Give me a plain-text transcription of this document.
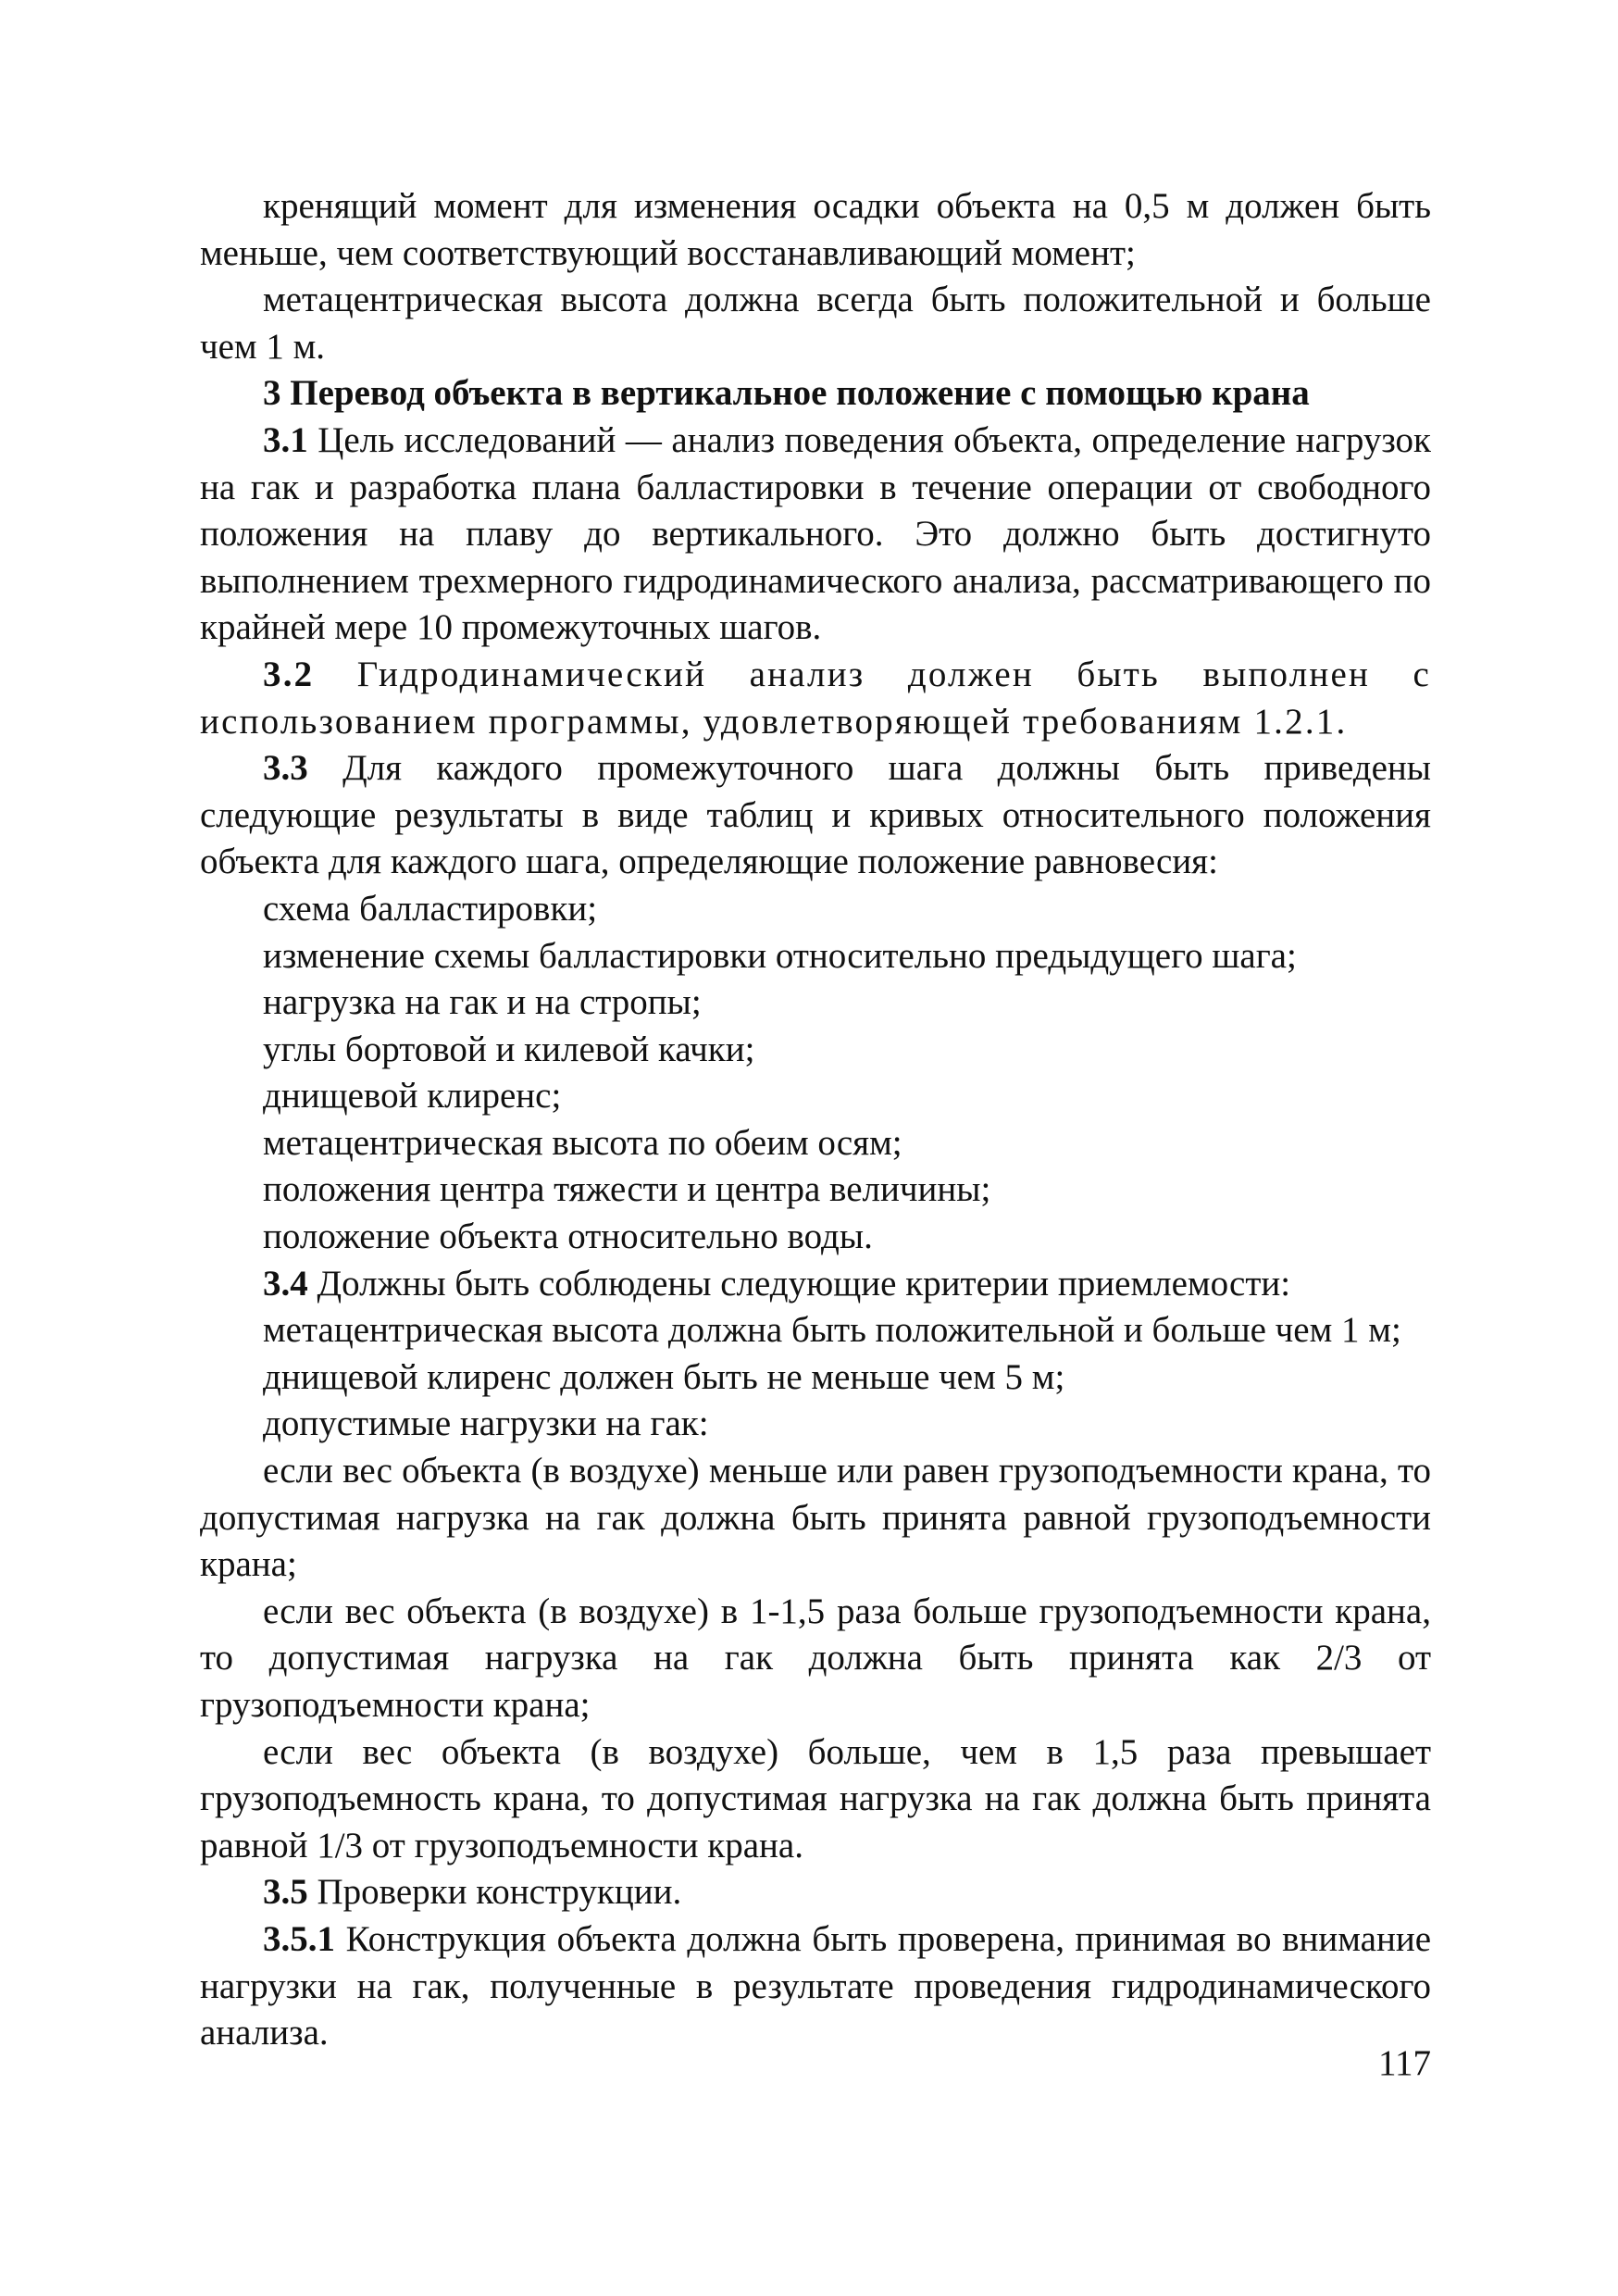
кренящий момент для изменения осадки объекта на 0,5 м должен быть меньше, чем соответствующий восстанавливающий момент;

метацентрическая высота должна всегда быть положительной и больше чем 1 м.

3 Перевод объекта в вертикальное положение с помощью крана

3.1 Цель исследований — анализ поведения объекта, определение нагрузок на гак и разработка плана балластировки в течение операции от свободного положения на плаву до вертикального. Это должно быть достигнуто выполнением трехмерного гидродинамического анализа, рассматривающего по крайней мере 10 промежуточных шагов.

3.2 Гидродинамический анализ должен быть выполнен с использованием программы, удовлетворяющей требованиям 1.2.1.

3.3 Для каждого промежуточного шага должны быть приведены следующие результаты в виде таблиц и кривых относительного положения объекта для каждого шага, определяющие положение равновесия:

схема балластировки;

изменение схемы балластировки относительно предыдущего шага;

нагрузка на гак и на стропы;

углы бортовой и килевой качки;

днищевой клиренс;

метацентрическая высота по обеим осям;

положения центра тяжести и центра величины;

положение объекта относительно воды.

3.4 Должны быть соблюдены следующие критерии приемлемости:

метацентрическая высота должна быть положительной и больше чем 1 м;

днищевой клиренс должен быть не меньше чем 5 м;

допустимые нагрузки на гак:

если вес объекта (в воздухе) меньше или равен грузоподъемности крана, то допустимая нагрузка на гак должна быть принята равной грузоподъемности крана;

если вес объекта (в воздухе) в 1-1,5 раза больше грузоподъемности крана, то допустимая нагрузка на гак должна быть принята как 2/3 от грузоподъемности крана;

если вес объекта (в воздухе) больше, чем в 1,5 раза превышает грузоподъемность крана, то допустимая нагрузка на гак должна быть принята равной 1/3 от грузоподъемности крана.

3.5 Проверки конструкции.

3.5.1 Конструкция объекта должна быть проверена, принимая во внимание нагрузки на гак, полученные в результате проведения гидродинамического анализа.

117
